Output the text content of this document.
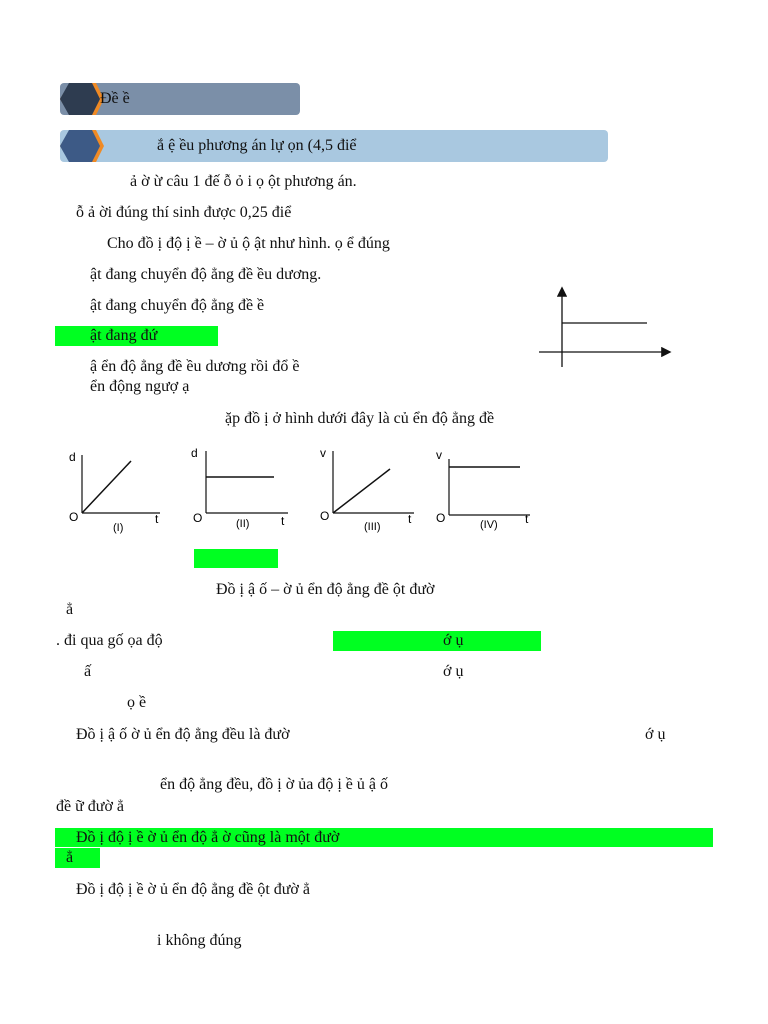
Đề ề
ắ ệ ều phương án lự ọn (4,5 điể
ả ờ ừ câu 1 đế ỗ ỏ i ọ ột phương án.
ỗ ả ời đúng thí sinh được 0,25 điể
Cho đồ ị độ ị ề – ờ ủ ộ ật như hình. ọ ể đúng
ật đang chuyển độ ẳng đề ều dương.
ật đang chuyển độ ẳng đề ề
ật đang đứ
ậ ển độ ẳng đề ều dương rồi đổ ề
ển động ngượ ạ
ặp đồ ị ở hình dưới đây là củ ển độ ẳng đề
d
O	t
(I)
d
O	t
(II)
v
O	t
(III)
v
O	t
(IV)
Đồ ị ậ ố – ờ ủ ển độ ẳng đề ột đườ
ẳ
. đi qua gố ọa độ	ớ ụ
ấ	ớ ụ
ọ ề
Đồ ị ậ ố ờ ủ ển độ ẳng đều là đườ	ớ ụ
ển độ ẳng đều, đồ ị ờ ủa độ ị ề ủ ậ ố
đề ữ đườ ẳ
Đồ ị độ ị ề ờ ủ ển độ ẳ ờ cũng là một đườ
ẳ
Đồ ị độ ị ề ờ ủ ển độ ẳng đề ột đườ ẳ
i không đúng
